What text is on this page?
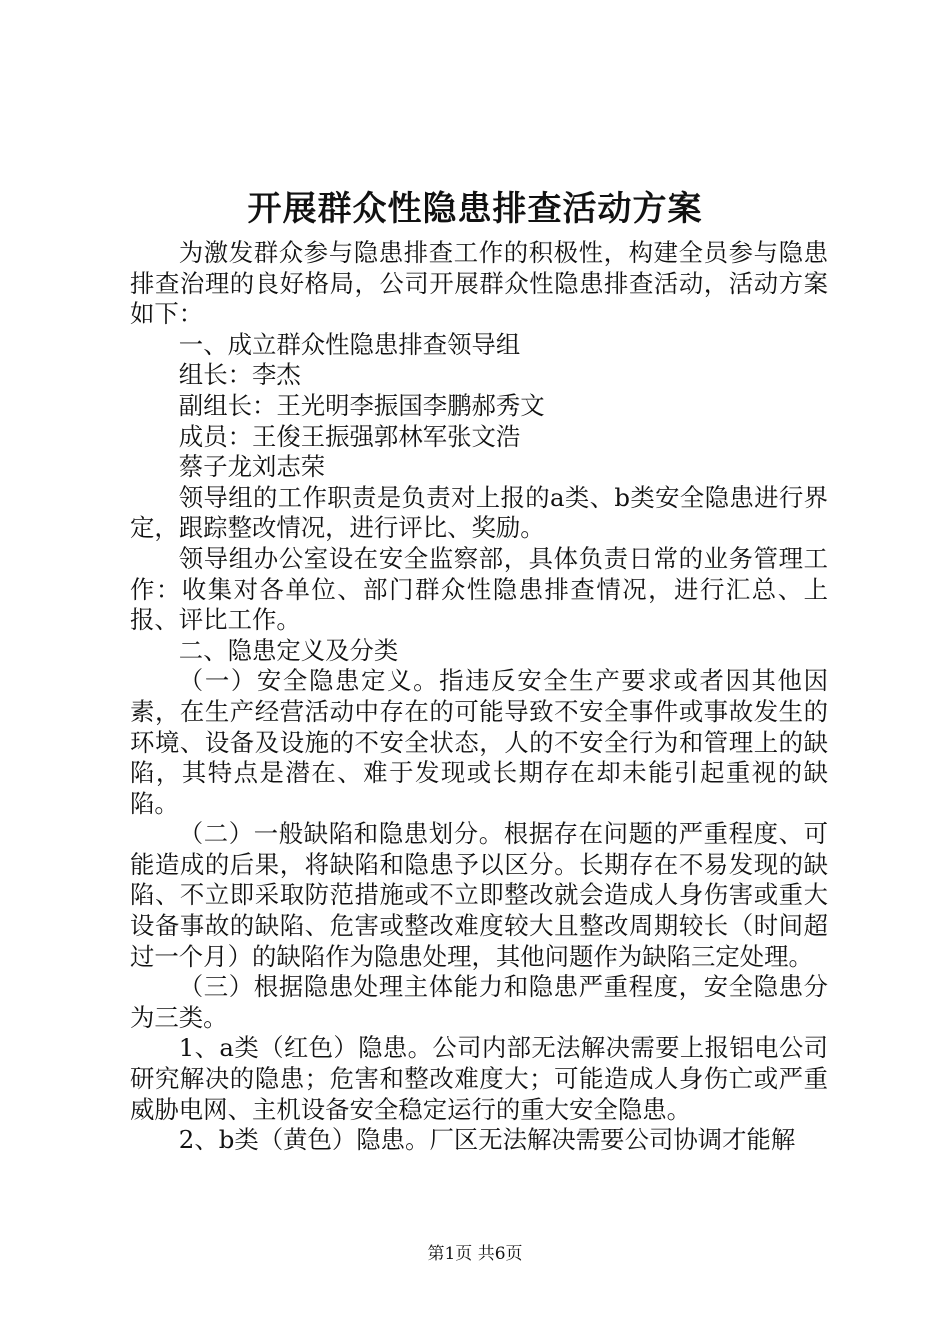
开展群众性隐患排查活动方案

为激发群众参与隐患排查工作的积极性，构建全员参与隐患排查治理的良好格局，公司开展群众性隐患排查活动，活动方案如下：

一、成立群众性隐患排查领导组

组长：李杰

副组长：王光明李振国李鹏郝秀文

成员：王俊王振强郭林军张文浩

蔡子龙刘志荣

领导组的工作职责是负责对上报的a类、b类安全隐患进行界定，跟踪整改情况，进行评比、奖励。

领导组办公室设在安全监察部，具体负责日常的业务管理工作：收集对各单位、部门群众性隐患排查情况，进行汇总、上报、评比工作。

二、隐患定义及分类

（一）安全隐患定义。指违反安全生产要求或者因其他因素，在生产经营活动中存在的可能导致不安全事件或事故发生的环境、设备及设施的不安全状态，人的不安全行为和管理上的缺陷，其特点是潜在、难于发现或长期存在却未能引起重视的缺陷。

（二）一般缺陷和隐患划分。根据存在问题的严重程度、可能造成的后果，将缺陷和隐患予以区分。长期存在不易发现的缺陷、不立即采取防范措施或不立即整改就会造成人身伤害或重大设备事故的缺陷、危害或整改难度较大且整改周期较长（时间超过一个月）的缺陷作为隐患处理，其他问题作为缺陷三定处理。

（三）根据隐患处理主体能力和隐患严重程度，安全隐患分为三类。

1、a类（红色）隐患。公司内部无法解决需要上报铝电公司研究解决的隐患；危害和整改难度大；可能造成人身伤亡或严重威胁电网、主机设备安全稳定运行的重大安全隐患。

2、b类（黄色）隐患。厂区无法解决需要公司协调才能解

第1页 共6页
